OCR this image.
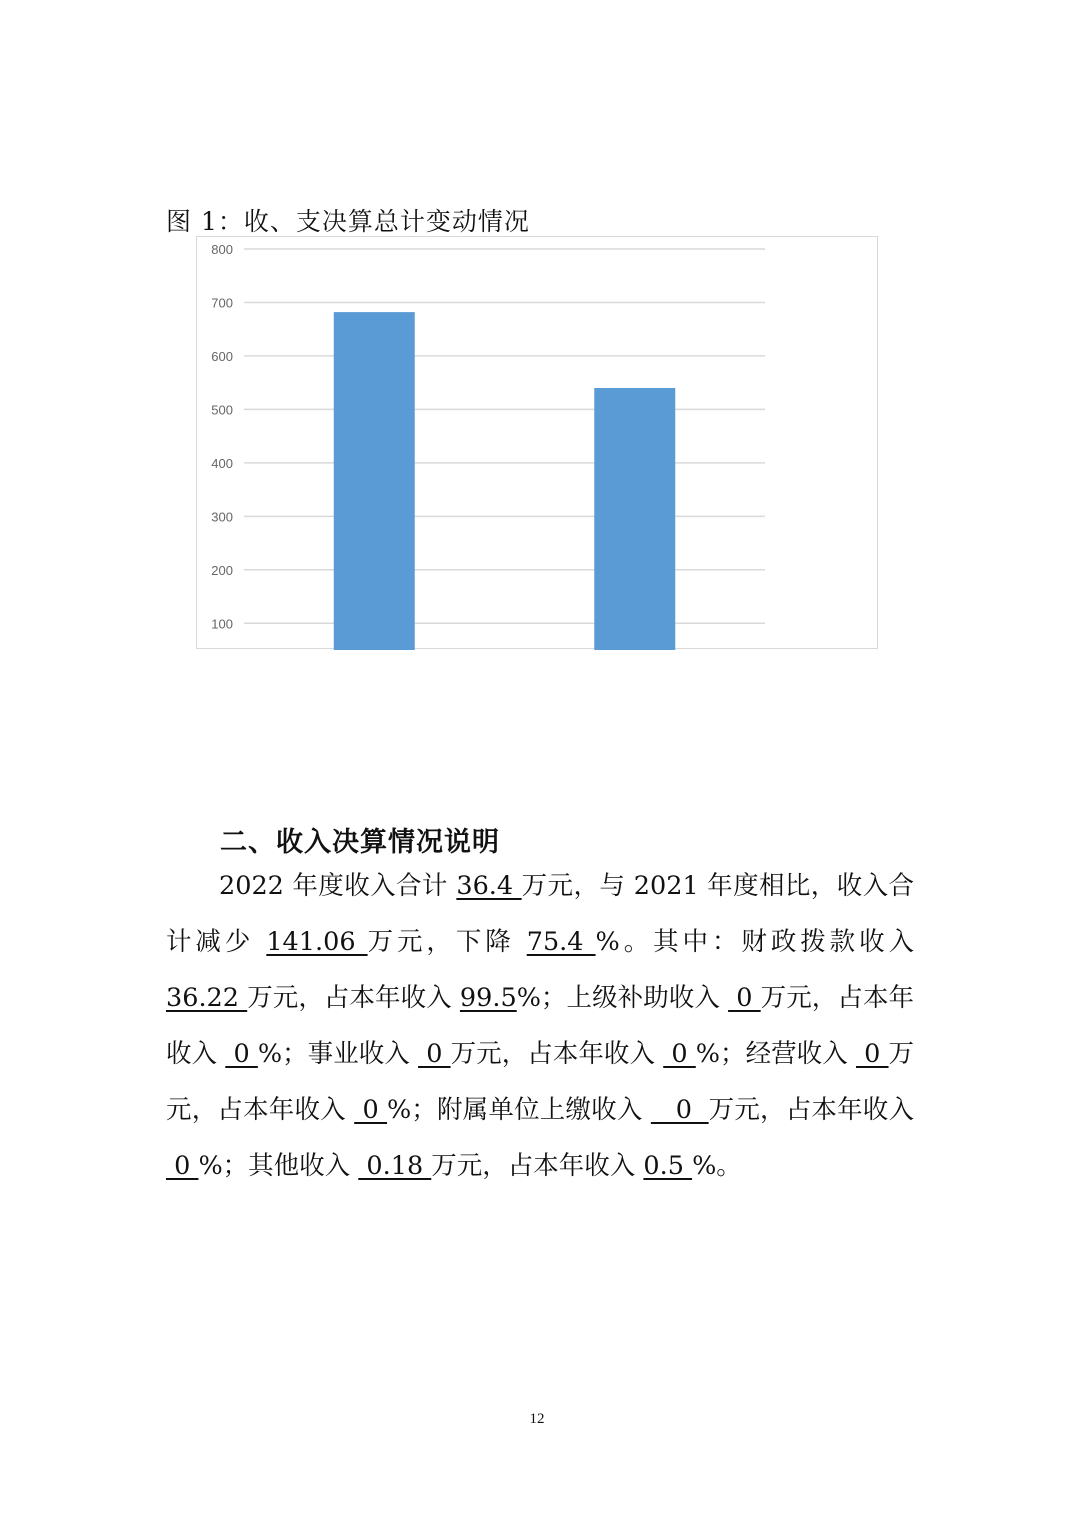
图 1：收、支决算总计变动情况
100
200
300
400
500
600
700
800
二、收入决算情况说明
2022 年度收入合计 36.4 万元，与 2021 年度相比，收入合计减少 141.06 万元，下降 75.4 %。其中：财政拨款收入 36.22 万元，占本年收入 99.5%；上级补助收入  0 万元，占本年收入  0 %；事业收入  0 万元，占本年收入  0 %；经营收入  0 万元，占本年收入  0 %；附属单位上缴收入    0  万元，占本年收入  0 %；其他收入  0.18 万元，占本年收入 0.5 %。
12
